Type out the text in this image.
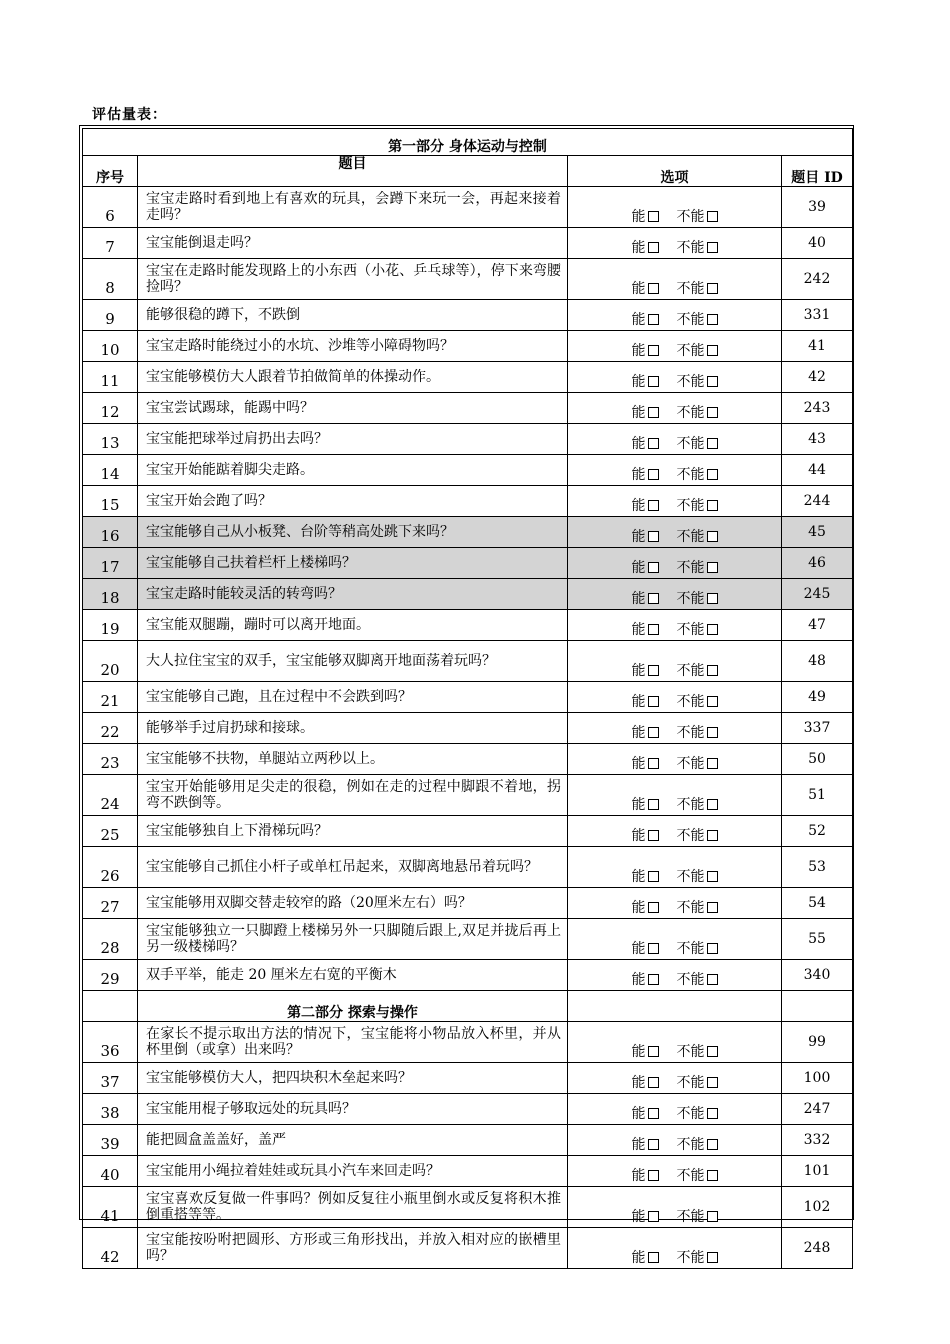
评估量表：
第一部分 身体运动与控制			
序号	题目	选项	题目 ID
6	宝宝走路时看到地上有喜欢的玩具，会蹲下来玩一会，再起来接着走吗？	能 不能	39
7	宝宝能倒退走吗？	能 不能	40
8	宝宝在走路时能发现路上的小东西（小花、乒乓球等），停下来弯腰捡吗？	能 不能	242
9	能够很稳的蹲下，不跌倒	能 不能	331
10	宝宝走路时能绕过小的水坑、沙堆等小障碍物吗？	能 不能	41
11	宝宝能够模仿大人跟着节拍做简单的体操动作。	能 不能	42
12	宝宝尝试踢球，能踢中吗？	能 不能	243
13	宝宝能把球举过肩扔出去吗？	能 不能	43
14	宝宝开始能踮着脚尖走路。	能 不能	44
15	宝宝开始会跑了吗？	能 不能	244
16	宝宝能够自己从小板凳、台阶等稍高处跳下来吗？	能 不能	45
17	宝宝能够自己扶着栏杆上楼梯吗？	能 不能	46
18	宝宝走路时能较灵活的转弯吗？	能 不能	245
19	宝宝能双腿蹦，蹦时可以离开地面。	能 不能	47
20	大人拉住宝宝的双手，宝宝能够双脚离开地面荡着玩吗？	能 不能	48
21	宝宝能够自己跑，且在过程中不会跌到吗？	能 不能	49
22	能够举手过肩扔球和接球。	能 不能	337
23	宝宝能够不扶物，单腿站立两秒以上。	能 不能	50
24	宝宝开始能够用足尖走的很稳，例如在走的过程中脚跟不着地，拐弯不跌倒等。	能 不能	51
25	宝宝能够独自上下滑梯玩吗？	能 不能	52
26	宝宝能够自己抓住小杆子或单杠吊起来，双脚离地悬吊着玩吗？	能 不能	53
27	宝宝能够用双脚交替走较窄的路（20厘米左右）吗？	能 不能	54
28	宝宝能够独立一只脚蹬上楼梯另外一只脚随后跟上,双足并拢后再上另一级楼梯吗？	能 不能	55
29	双手平举，能走 20 厘米左右宽的平衡木	能 不能	340
	第二部分 探索与操作		
36	在家长不提示取出方法的情况下，宝宝能将小物品放入杯里，并从杯里倒（或拿）出来吗？	能 不能	99
37	宝宝能够模仿大人，把四块积木垒起来吗？	能 不能	100
38	宝宝能用棍子够取远处的玩具吗？	能 不能	247
39	能把圆盒盖盖好，盖严	能 不能	332
40	宝宝能用小绳拉着娃娃或玩具小汽车来回走吗？	能 不能	101
41	宝宝喜欢反复做一件事吗？例如反复往小瓶里倒水或反复将积木推倒重搭等等。	能 不能	102
42	宝宝能按吩咐把圆形、方形或三角形找出，并放入相对应的嵌槽里吗？	能 不能	248
